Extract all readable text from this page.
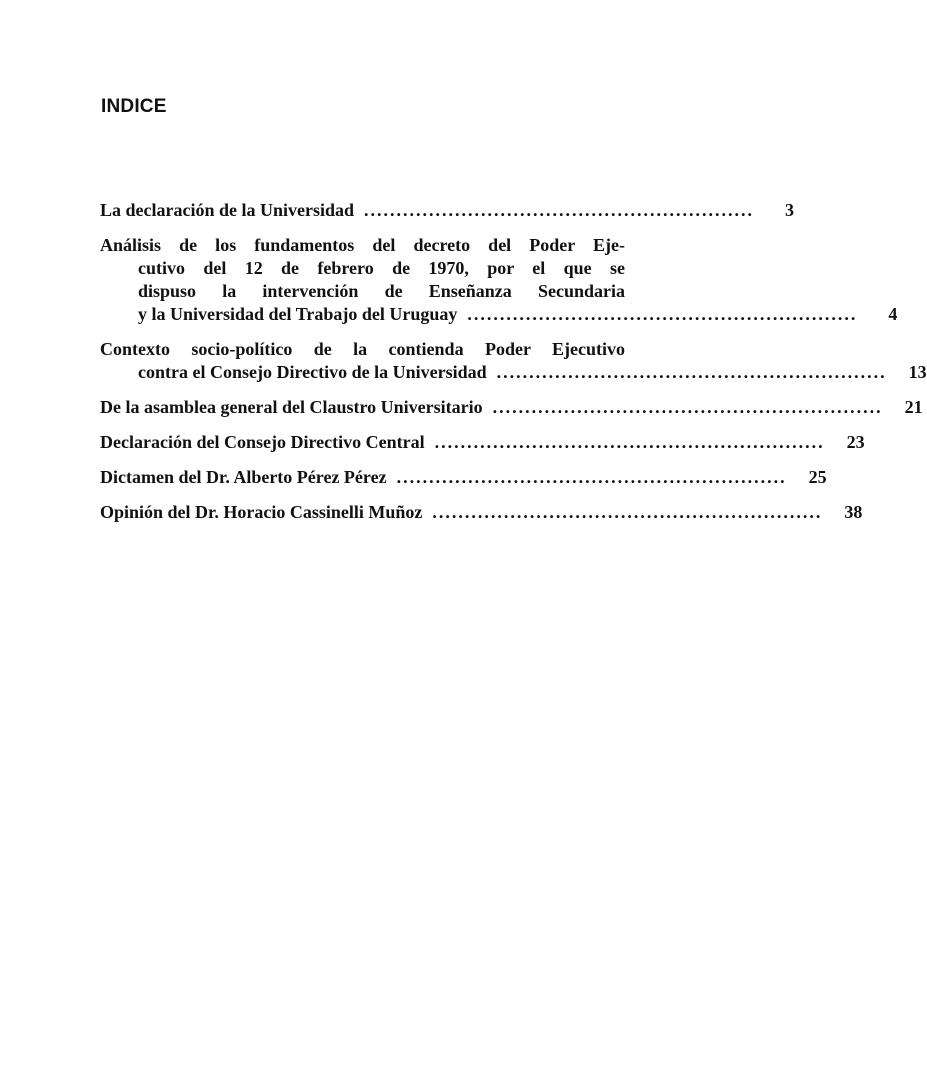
INDICE
La declaración de la Universidad ............................................................	3
Análisis de los fundamentos del decreto del Poder Eje-
cutivo del 12 de febrero de 1970, por el que se
dispuso la intervención de Enseñanza Secundaria
y la Universidad del Trabajo del Uruguay ............................................................	4
Contexto socio-político de la contienda Poder Ejecutivo
contra el Consejo Directivo de la Universidad ............................................................	13
De la asamblea general del Claustro Universitario ............................................................	21
Declaración del Consejo Directivo Central ............................................................	23
Dictamen del Dr. Alberto Pérez Pérez ............................................................	25
Opinión del Dr. Horacio Cassinelli Muñoz ............................................................	38
